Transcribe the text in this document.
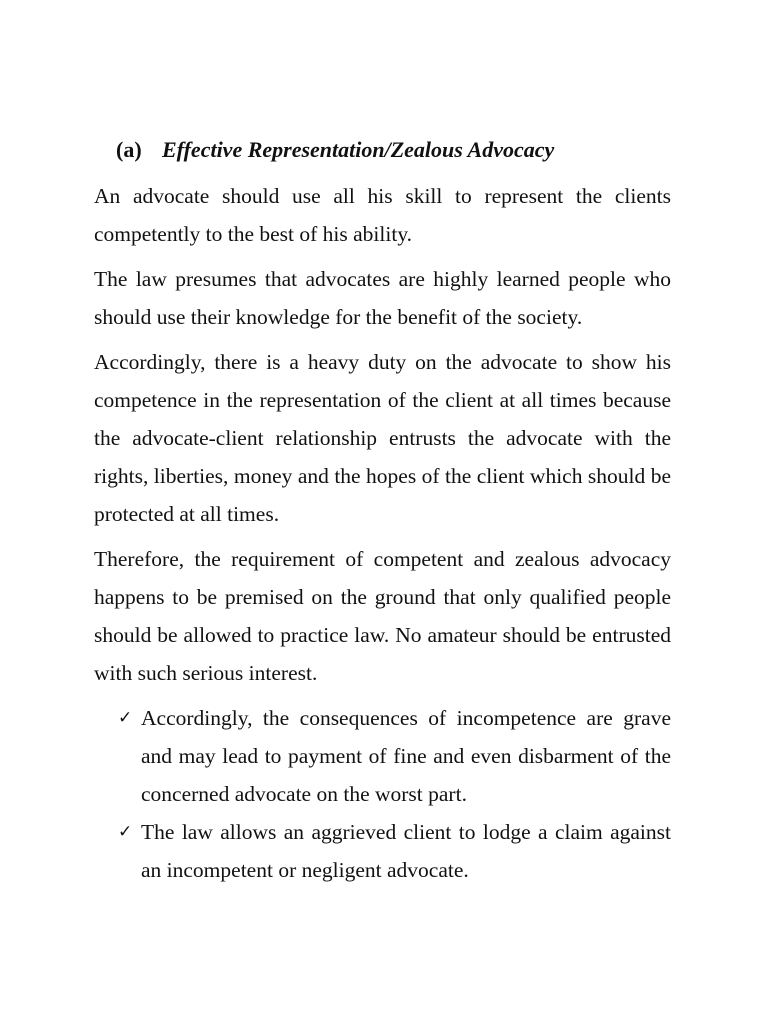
(a) Effective Representation/Zealous Advocacy

An advocate should use all his skill to represent the clients competently to the best of his ability.

The law presumes that advocates are highly learned people who should use their knowledge for the benefit of the society.

Accordingly, there is a heavy duty on the advocate to show his competence in the representation of the client at all times because the advocate-client relationship entrusts the advocate with the rights, liberties, money and the hopes of the client which should be protected at all times.

Therefore, the requirement of competent and zealous advocacy happens to be premised on the ground that only qualified people should be allowed to practice law. No amateur should be entrusted with such serious interest.

✓ Accordingly, the consequences of incompetence are grave and may lead to payment of fine and even disbarment of the concerned advocate on the worst part.
✓ The law allows an aggrieved client to lodge a claim against an incompetent or negligent advocate.
